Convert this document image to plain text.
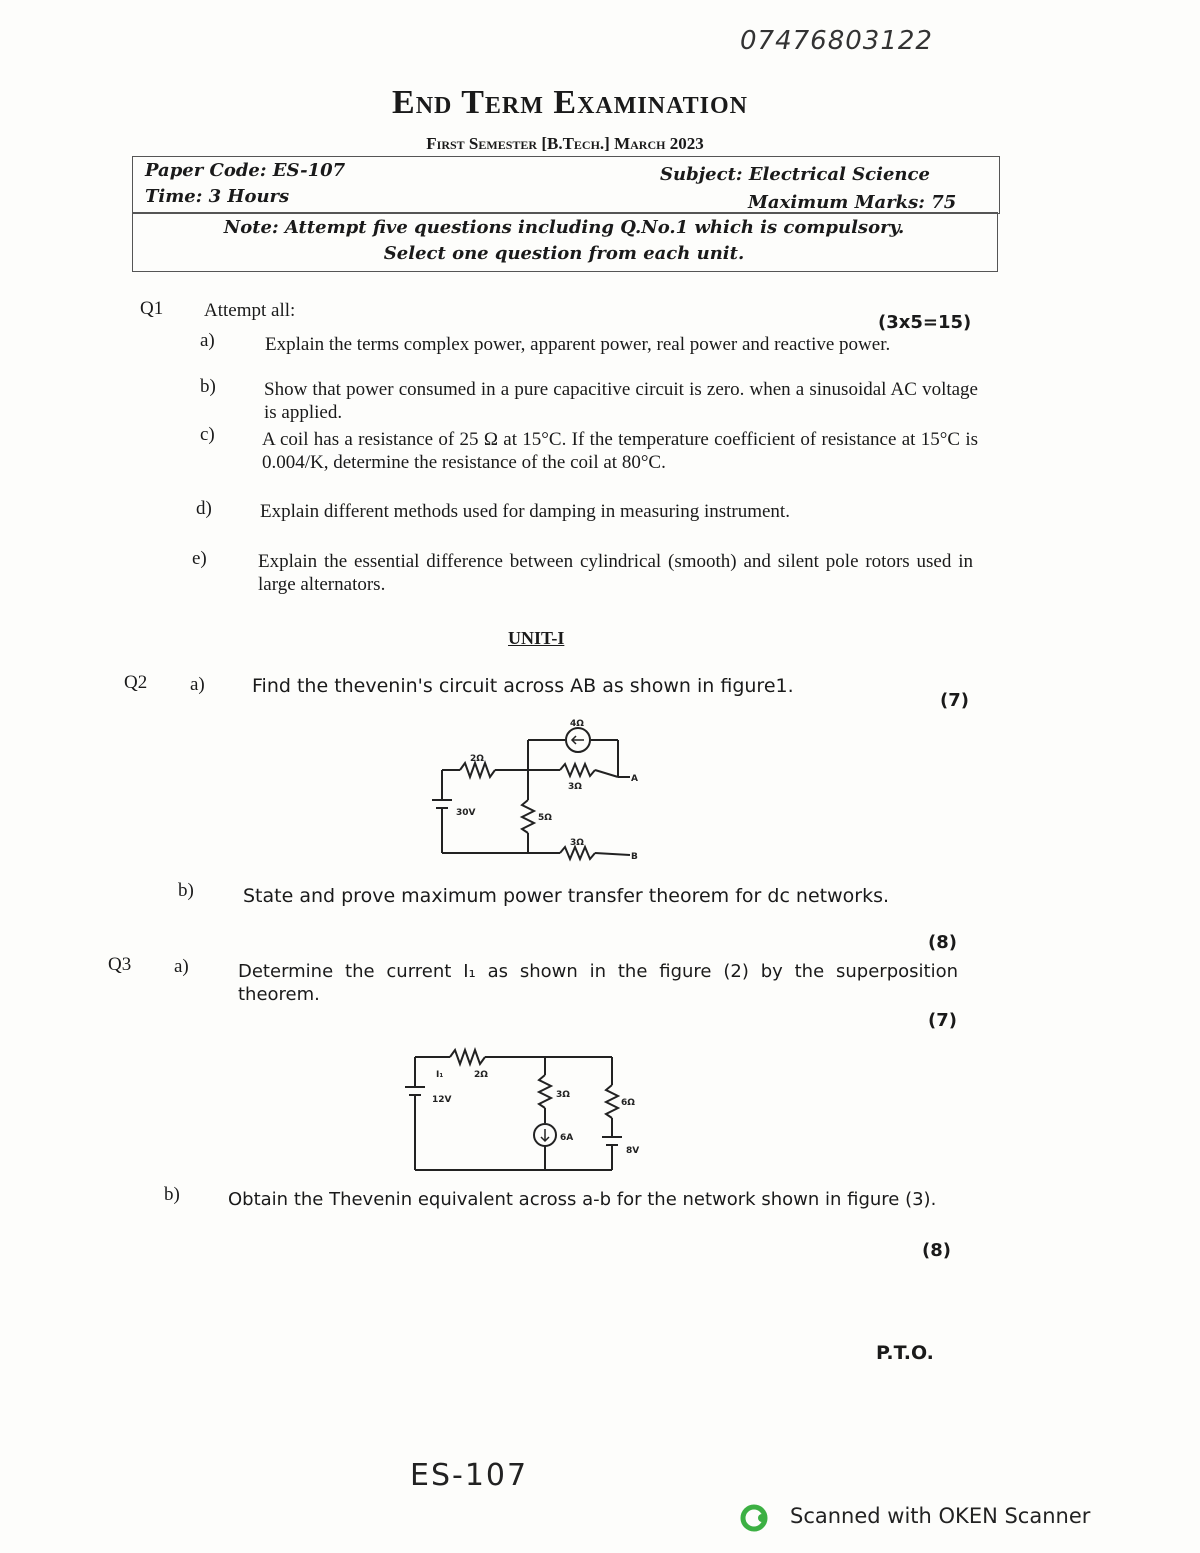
07476803122
End Term Examination
First Semester [B.Tech.] March 2023
Paper Code: ES-107	Subject: Electrical Science
Time: 3 Hours	Maximum Marks: 75
Note: Attempt five questions including Q.No.1 which is compulsory.
Select one question from each unit.
Q1 Attempt all:
(3x5=15)
a)	Explain the terms complex power, apparent power, real power and reactive power.
b)	Show that power consumed in a pure capacitive circuit is zero. when a sinusoidal AC voltage is applied.
c) A coil has a resistance of 25 Ω at 15°C. If the temperature coefficient of resistance at 15°C is 0.004/K, determine the resistance of the coil at 80°C.
d)	Explain different methods used for damping in measuring instrument.
e)	Explain the essential difference between cylindrical (smooth) and silent pole rotors used in large alternators.
UNIT-I
Q2 a) Find the thevenin's circuit across AB as shown in figure1.
(7)
2Ω
30V	5Ω
4Ω
3Ω
3Ω
A
B
b)	State and prove maximum power transfer theorem for dc networks.
(8)
Q3 a)	Determine the current I₁ as shown in the figure (2) by the superposition theorem.
(7)
I₁	2Ω
12V	3Ω
6A
6Ω
8V
b)	Obtain the Thevenin equivalent across a-b for the network shown in figure (3).
(8)
P.T.O.
ES-107
Scanned with OKEN Scanner
